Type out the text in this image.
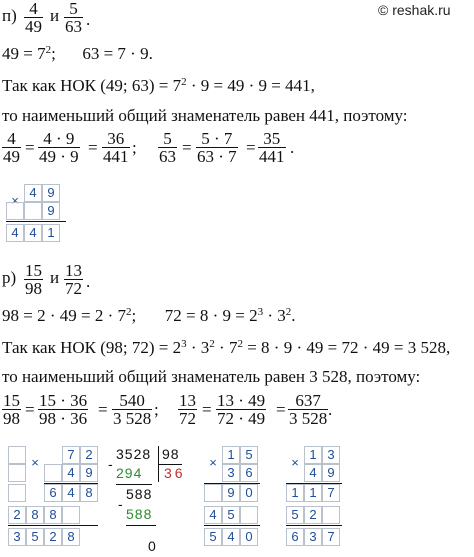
© reshak.ru
п) 4
49
и 5
63 .
$49 = 7^2$; 63 = 7 · 9.
Так как НОК (49; $63) = 7^2 \cdot 9 = 49 \cdot 9 = 441$,
то наименьший общий знаменатель равен 441, поэтому:
4
49 = 4 · 9
49 · 9 = 36
441 ; 5
63 = 5 · 7
63 · 7 = 35
441 .
×
4 9
9
4 4 1
р) 15
98
и 13
72 .
$98 = 2 \cdot 49 = 2 \cdot 7^2$; $72 = 8 \cdot 9 = 2^3 \cdot 3^2$.
Так как НОК (98; $72) = 2^3 \cdot 3^2 \cdot 7^2 = 8 \cdot 9 \cdot 49 = 72 \cdot 49 = 3$ 528,
то наименьший общий знаменатель равен 3 528, поэтому:
15
98 = 15 · 36
98 · 36 = 540
3 528 ; 13
72 = 13 · 49
72 · 49 = 637
3 528 .
×
7 2
4 9
6 4 8
2 8 8
3 5 2 8
3528 98
36
-
294
588
-
588
0
×
1 5
3 6
9 0
4 5
5 4 0
×
1 3
4 9
1 1 7
5 2
6 3 7
